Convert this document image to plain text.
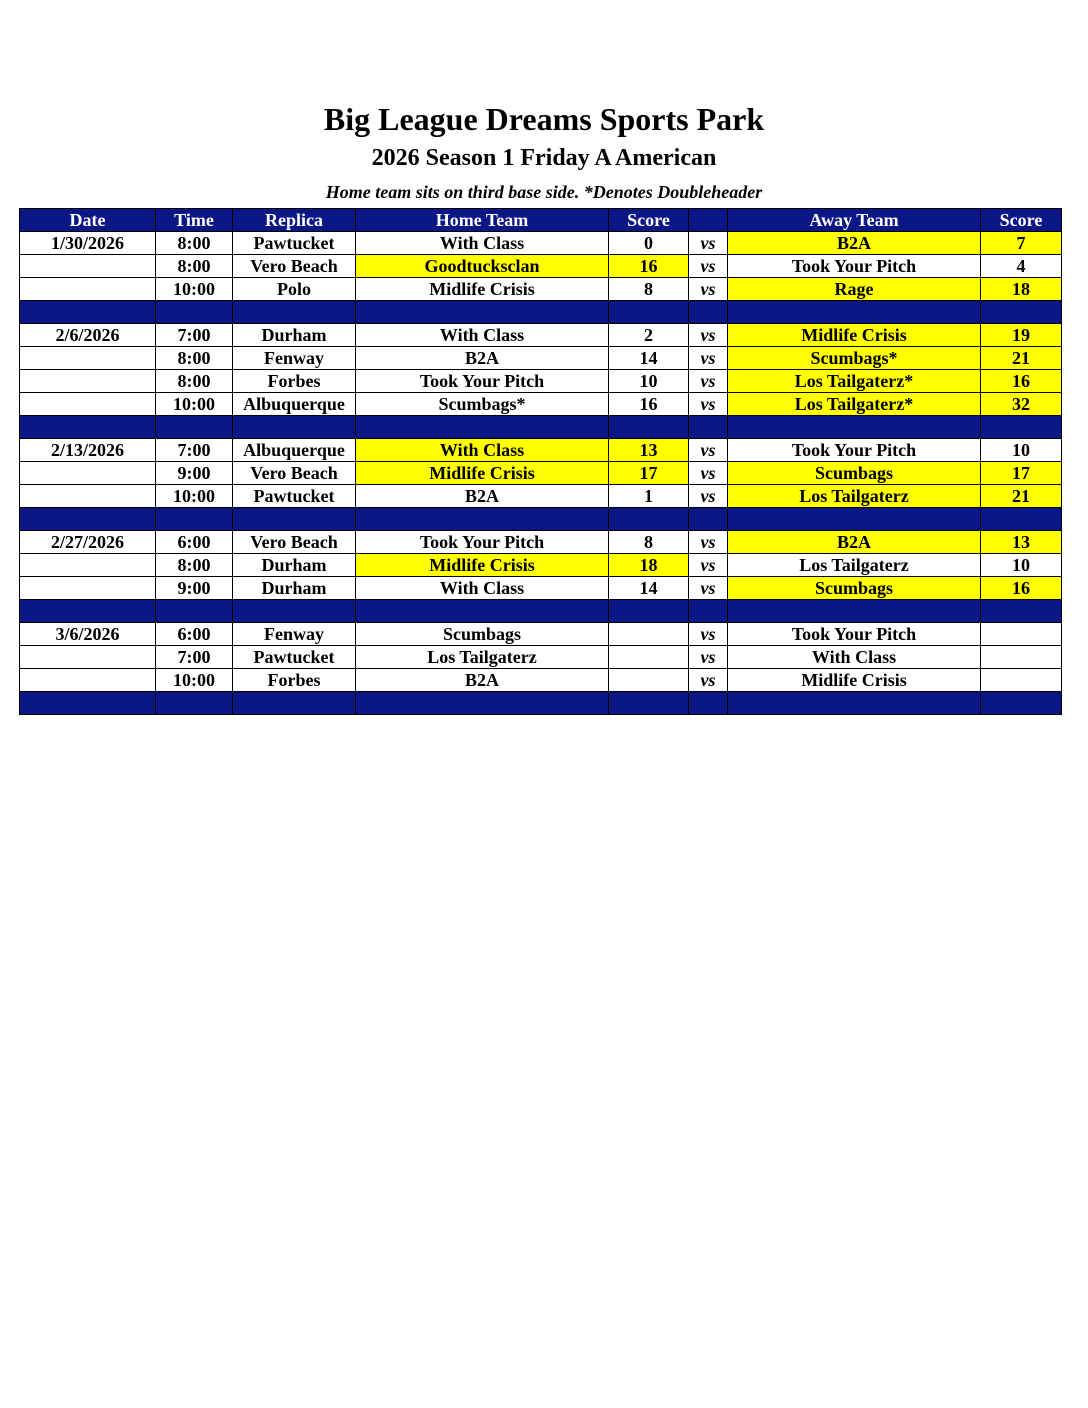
Big League Dreams Sports Park
2026 Season 1 Friday A American
Home team sits on third base side. *Denotes Doubleheader
Date	Time	Replica	Home Team	Score		Away Team	Score
1/30/2026	8:00	Pawtucket	With Class	0	vs	B2A	7
	8:00	Vero Beach	Goodtucksclan	16	vs	Took Your Pitch	4
	10:00	Polo	Midlife Crisis	8	vs	Rage	18

2/6/2026	7:00	Durham	With Class	2	vs	Midlife Crisis	19
	8:00	Fenway	B2A	14	vs	Scumbags*	21
	8:00	Forbes	Took Your Pitch	10	vs	Los Tailgaterz*	16
	10:00	Albuquerque	Scumbags*	16	vs	Los Tailgaterz*	32

2/13/2026	7:00	Albuquerque	With Class	13	vs	Took Your Pitch	10
	9:00	Vero Beach	Midlife Crisis	17	vs	Scumbags	17
	10:00	Pawtucket	B2A	1	vs	Los Tailgaterz	21

2/27/2026	6:00	Vero Beach	Took Your Pitch	8	vs	B2A	13
	8:00	Durham	Midlife Crisis	18	vs	Los Tailgaterz	10
	9:00	Durham	With Class	14	vs	Scumbags	16

3/6/2026	6:00	Fenway	Scumbags		vs	Took Your Pitch	
	7:00	Pawtucket	Los Tailgaterz		vs	With Class	
	10:00	Forbes	B2A		vs	Midlife Crisis	
